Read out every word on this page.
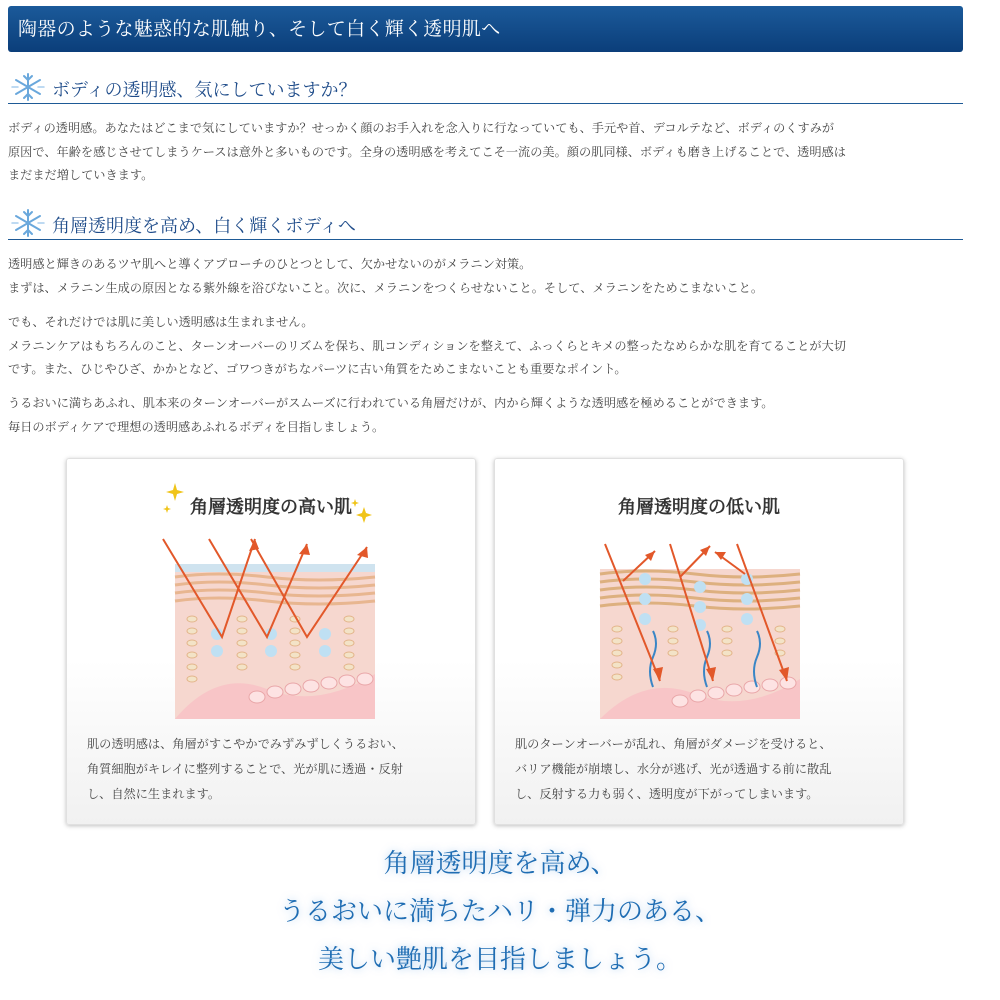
陶器のような魅惑的な肌触り、そして白く輝く透明肌へ
ボディの透明感、気にしていますか？
ボディの透明感。あなたはどこまで気にしていますか？せっかく顔のお手入れを念入りに行なっていても、手元や首、デコルテなど、ボディのくすみが
原因で、年齢を感じさせてしまうケースは意外と多いものです。全身の透明感を考えてこそ一流の美。顔の肌同様、ボディも磨き上げることで、透明感は
まだまだ増していきます。
角層透明度を高め、白く輝くボディへ
透明感と輝きのあるツヤ肌へと導くアプローチのひとつとして、欠かせないのがメラニン対策。
まずは、メラニン生成の原因となる紫外線を浴びないこと。次に、メラニンをつくらせないこと。そして、メラニンをためこまないこと。
でも、それだけでは肌に美しい透明感は生まれません。
メラニンケアはもちろんのこと、ターンオーバーのリズムを保ち、肌コンディションを整えて、ふっくらとキメの整ったなめらかな肌を育てることが大切
です。また、ひじやひざ、かかとなど、ゴワつきがちなパーツに古い角質をためこまないことも重要なポイント。
うるおいに満ちあふれ、肌本来のターンオーバーがスムーズに行われている角層だけが、内から輝くような透明感を極めることができます。
毎日のボディケアで理想の透明感あふれるボディを目指しましょう。
角層透明度の高い肌
肌の透明感は、角層がすこやかでみずみずしくうるおい、
角質細胞がキレイに整列することで、光が肌に透過・反射
し、自然に生まれます。
角層透明度の低い肌
肌のターンオーバーが乱れ、角層がダメージを受けると、
バリア機能が崩壊し、水分が逃げ、光が透過する前に散乱
し、反射する力も弱く、透明度が下がってしまいます。
角層透明度を高め、
うるおいに満ちたハリ・弾力のある、
美しい艶肌を目指しましょう。
